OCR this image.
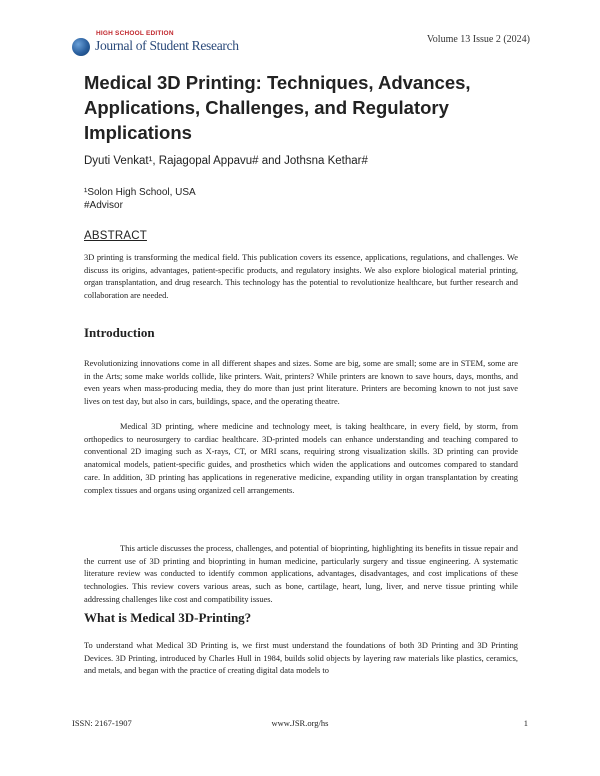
HIGH SCHOOL EDITION
Journal of Student Research	Volume 13 Issue 2 (2024)
Medical 3D Printing: Techniques, Advances, Applications, Challenges, and Regulatory Implications
Dyuti Venkat¹, Rajagopal Appavu# and Jothsna Kethar#
¹Solon High School, USA
#Advisor
ABSTRACT

3D printing is transforming the medical field. This publication covers its essence, applications, regulations, and challenges. We discuss its origins, advantages, patient-specific products, and regulatory insights. We also explore biological material printing, organ transplantation, and drug research. This technology has the potential to revolutionize healthcare, but further research and collaboration are needed.

Introduction

Revolutionizing innovations come in all different shapes and sizes. Some are big, some are small; some are in STEM, some are in the Arts; some make worlds collide, like printers. Wait, printers? While printers are known to save hours, days, months, and even years when mass-producing media, they do more than just print literature. Printers are becoming known to not just save lives on test day, but also in cars, buildings, space, and the operating theatre.

Medical 3D printing, where medicine and technology meet, is taking healthcare, in every field, by storm, from orthopedics to neurosurgery to cardiac healthcare. 3D-printed models can enhance understanding and teaching compared to conventional 2D imaging such as X-rays, CT, or MRI scans, requiring strong visualization skills. 3D printing can provide anatomical models, patient-specific guides, and prosthetics which widen the applications and outcomes compared to standard care. In addition, 3D printing has applications in regenerative medicine, expanding utility in organ transplantation by creating complex tissues and organs using organized cell arrangements.

This article discusses the process, challenges, and potential of bioprinting, highlighting its benefits in tissue repair and the current use of 3D printing and bioprinting in human medicine, particularly surgery and tissue engineering. A systematic literature review was conducted to identify common applications, advantages, disadvantages, and cost implications of these technologies. This review covers various areas, such as bone, cartilage, heart, lung, liver, and nerve tissue printing while addressing challenges like cost and compatibility issues.

What is Medical 3D-Printing?

To understand what Medical 3D Printing is, we first must understand the foundations of both 3D Printing and 3D Printing Devices. 3D Printing, introduced by Charles Hull in 1984, builds solid objects by layering raw materials like plastics, ceramics, and metals, and began with the practice of creating digital data models to

ISSN: 2167-1907	www.JSR.org/hs	1
